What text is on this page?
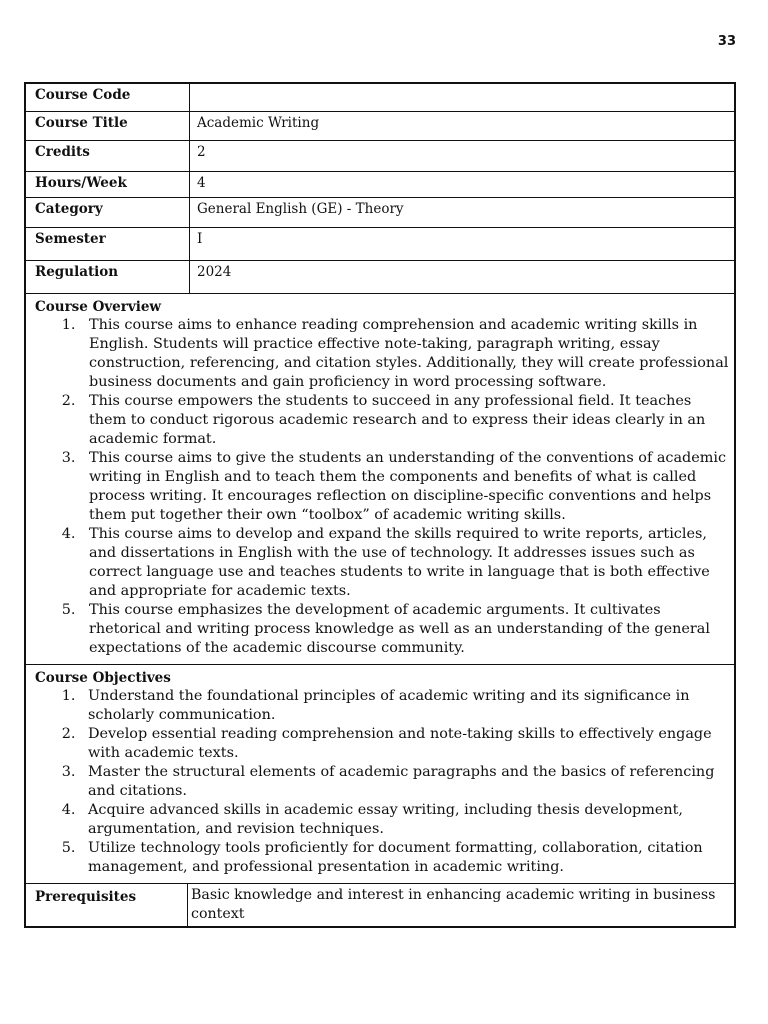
33
Course Code
Course Title	Academic Writing
Credits	2
Hours/Week	4
Category	General English (GE) - Theory
Semester	I
Regulation	2024
Course Overview
1. This course aims to enhance reading comprehension and academic writing skills in English. Students will practice effective note-taking, paragraph writing, essay construction, referencing, and citation styles. Additionally, they will create professional business documents and gain proficiency in word processing software.
2. This course empowers the students to succeed in any professional field. It teaches them to conduct rigorous academic research and to express their ideas clearly in an academic format.
3. This course aims to give the students an understanding of the conventions of academic writing in English and to teach them the components and benefits of what is called process writing. It encourages reflection on discipline-specific conventions and helps them put together their own “toolbox” of academic writing skills.
4. This course aims to develop and expand the skills required to write reports, articles, and dissertations in English with the use of technology. It addresses issues such as correct language use and teaches students to write in language that is both effective and appropriate for academic texts.
5. This course emphasizes the development of academic arguments. It cultivates rhetorical and writing process knowledge as well as an understanding of the general expectations of the academic discourse community.
Course Objectives
1. Understand the foundational principles of academic writing and its significance in scholarly communication.
2. Develop essential reading comprehension and note-taking skills to effectively engage with academic texts.
3. Master the structural elements of academic paragraphs and the basics of referencing and citations.
4. Acquire advanced skills in academic essay writing, including thesis development, argumentation, and revision techniques.
5. Utilize technology tools proficiently for document formatting, collaboration, citation management, and professional presentation in academic writing.
Prerequisites	Basic knowledge and interest in enhancing academic writing in business context
